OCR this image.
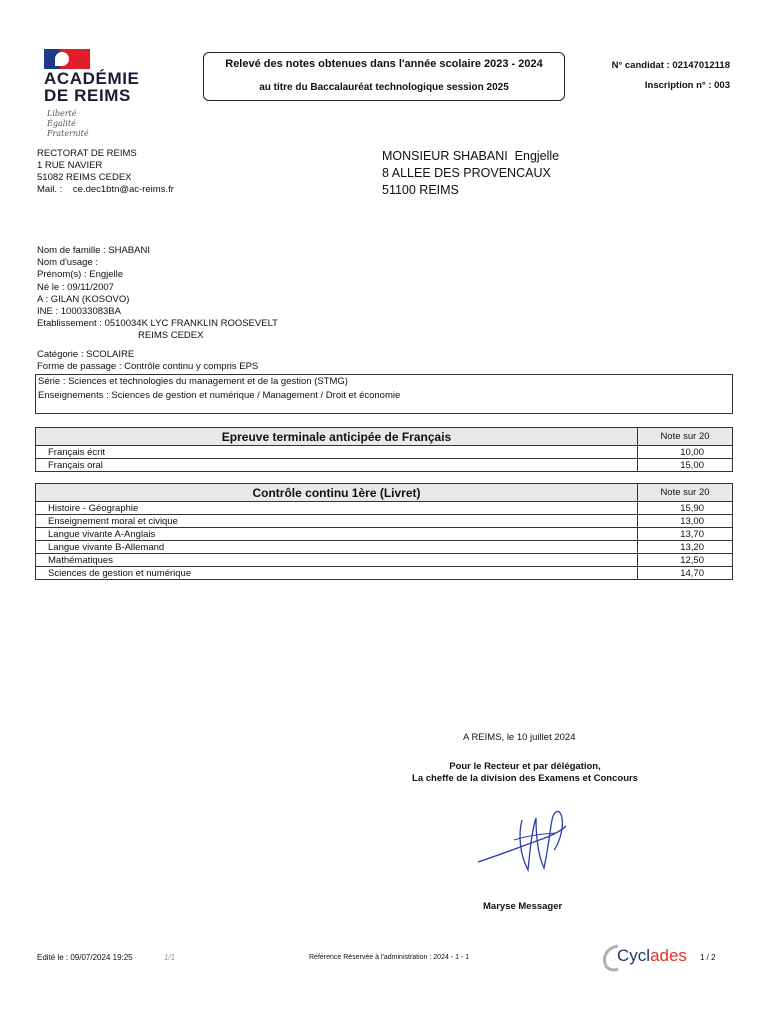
ACADÉMIE
DE REIMS
Liberté
Égalité
Fraternité
Relevé des notes obtenues dans l'année scolaire 2023 - 2024
au titre du Baccalauréat technologique session 2025
N° candidat : 02147012118
Inscription n° : 003
RECTORAT DE REIMS
1 RUE NAVIER
51082 REIMS CEDEX
Mail. :    ce.dec1btn@ac-reims.fr
MONSIEUR SHABANI  Engjelle
8 ALLEE DES PROVENCAUX
51100 REIMS
Nom de famille : SHABANI
Nom d'usage :
Prénom(s) : Engjelle
Né le : 09/11/2007
A : GILAN (KOSOVO)
INE : 100033083BA
Etablissement : 0510034K LYC FRANKLIN ROOSEVELT
REIMS CEDEX
Catégorie : SCOLAIRE
Forme de passage : Contrôle continu y compris EPS
Série : Sciences et technologies du management et de la gestion (STMG)
Enseignements : Sciences de gestion et numérique / Management / Droit et économie
Epreuve terminale anticipée de Français	Note sur 20
Français écrit	10,00
Français oral	15,00
Contrôle continu 1ère (Livret)	Note sur 20
Histoire - Géographie	15,90
Enseignement moral et civique	13,00
Langue vivante A-Anglais	13,70
Langue vivante B-Allemand	13,20
Mathématiques	12,50
Sciences de gestion et numérique	14,70
A REIMS, le 10 juillet 2024
Pour le Recteur et par délégation,
La cheffe de la division des Examens et Concours
Maryse Messager
Edité le : 09/07/2024 19:25	1/1	Référence Réservée à l'administration : 2024 - 1 - 1	Cyclades 1 / 2
